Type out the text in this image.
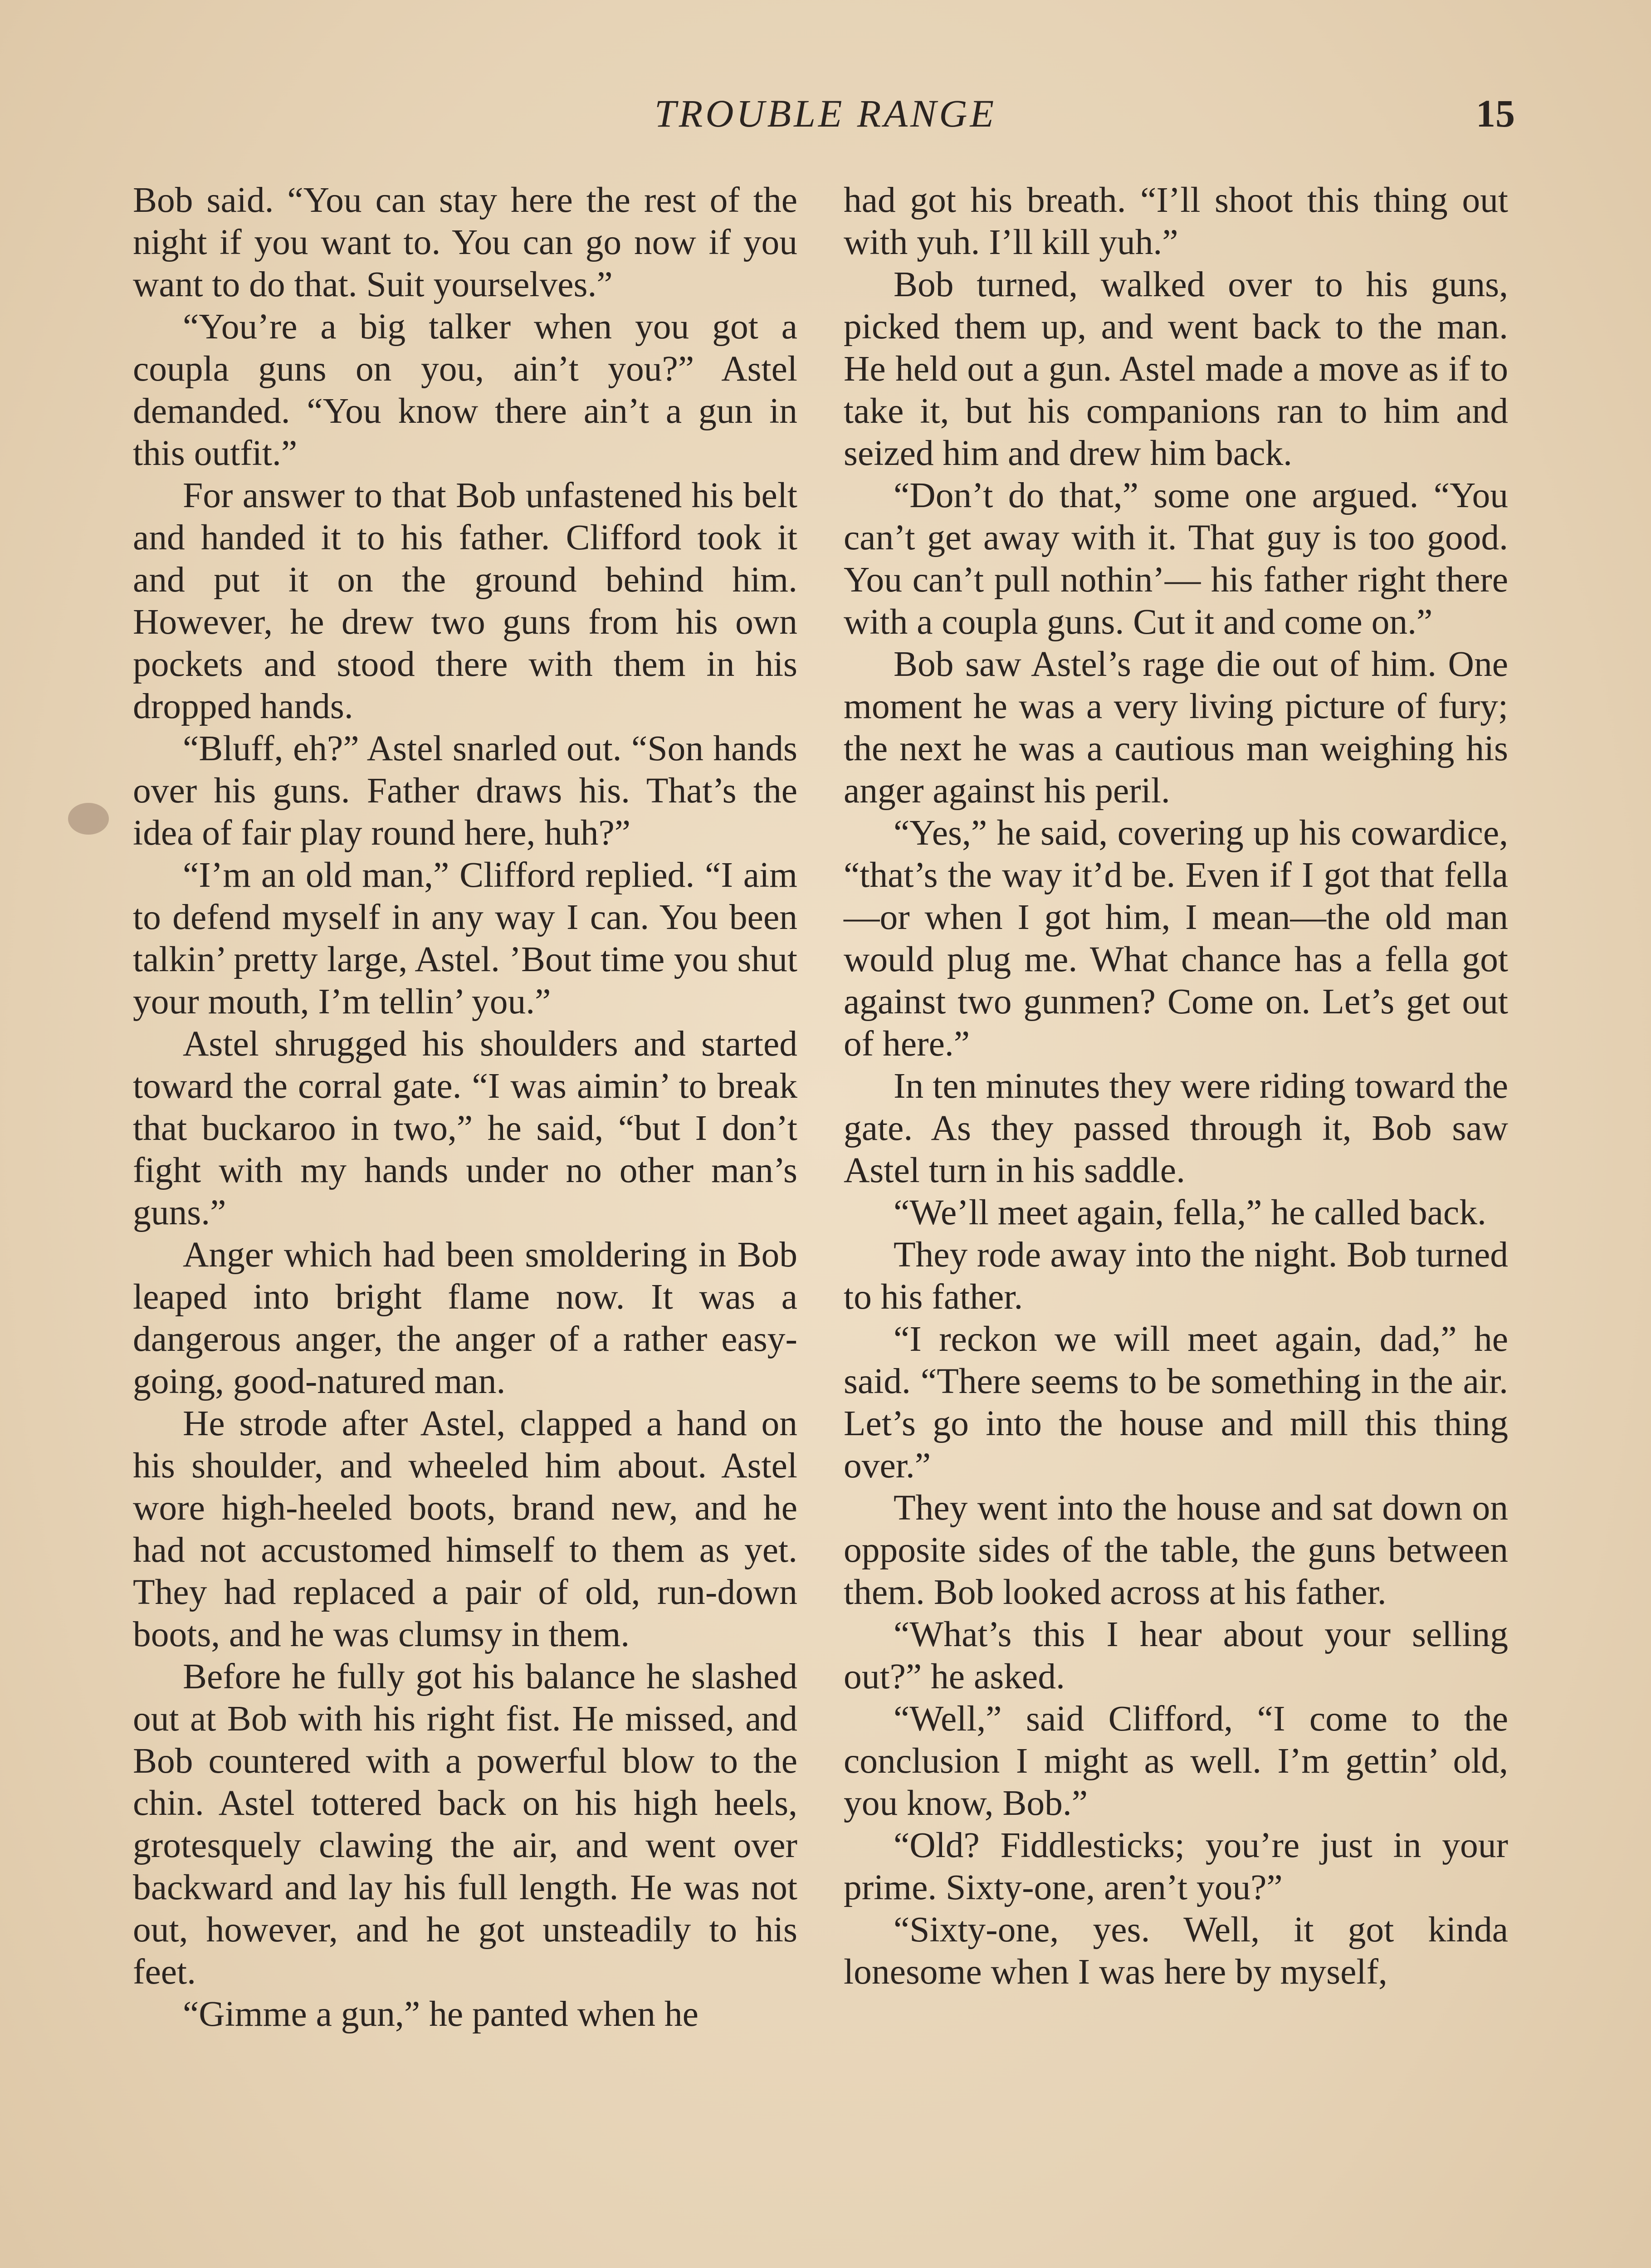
TROUBLE RANGE	15

Bob said. “You can stay here the rest of the night if you want to. You can go now if you want to do that. Suit yourselves.”

“You’re a big talker when you got a coupla guns on you, ain’t you?” Astel demanded. “You know there ain’t a gun in this outfit.”

For answer to that Bob unfastened his belt and handed it to his father. Clifford took it and put it on the ground behind him. However, he drew two guns from his own pockets and stood there with them in his dropped hands.

“Bluff, eh?” Astel snarled out. “Son hands over his guns. Father draws his. That’s the idea of fair play round here, huh?”

“I’m an old man,” Clifford replied. “I aim to defend myself in any way I can. You been talkin’ pretty large, Astel. ’Bout time you shut your mouth, I’m tellin’ you.”

Astel shrugged his shoulders and started toward the corral gate. “I was aimin’ to break that buckaroo in two,” he said, “but I don’t fight with my hands under no other man’s guns.”

Anger which had been smoldering in Bob leaped into bright flame now. It was a dangerous anger, the anger of a rather easy-going, good-natured man.

He strode after Astel, clapped a hand on his shoulder, and wheeled him about. Astel wore high-heeled boots, brand new, and he had not accustomed himself to them as yet. They had replaced a pair of old, run-down boots, and he was clumsy in them.

Before he fully got his balance he slashed out at Bob with his right fist. He missed, and Bob countered with a powerful blow to the chin. Astel tottered back on his high heels, grotesquely clawing the air, and went over backward and lay his full length. He was not out, however, and he got unsteadily to his feet.

“Gimme a gun,” he panted when he

had got his breath. “I’ll shoot this thing out with yuh. I’ll kill yuh.”

Bob turned, walked over to his guns, picked them up, and went back to the man. He held out a gun. Astel made a move as if to take it, but his companions ran to him and seized him and drew him back.

“Don’t do that,” some one argued. “You can’t get away with it. That guy is too good. You can’t pull nothin’— his father right there with a coupla guns. Cut it and come on.”

Bob saw Astel’s rage die out of him. One moment he was a very living picture of fury; the next he was a cautious man weighing his anger against his peril.

“Yes,” he said, covering up his cowardice, “that’s the way it’d be. Even if I got that fella—or when I got him, I mean—the old man would plug me. What chance has a fella got against two gunmen? Come on. Let’s get out of here.”

In ten minutes they were riding toward the gate. As they passed through it, Bob saw Astel turn in his saddle.

“We’ll meet again, fella,” he called back.

They rode away into the night. Bob turned to his father.

“I reckon we will meet again, dad,” he said. “There seems to be something in the air. Let’s go into the house and mill this thing over.”

They went into the house and sat down on opposite sides of the table, the guns between them. Bob looked across at his father.

“What’s this I hear about your selling out?” he asked.

“Well,” said Clifford, “I come to the conclusion I might as well. I’m gettin’ old, you know, Bob.”

“Old? Fiddlesticks; you’re just in your prime. Sixty-one, aren’t you?”

“Sixty-one, yes. Well, it got kinda lonesome when I was here by myself,
